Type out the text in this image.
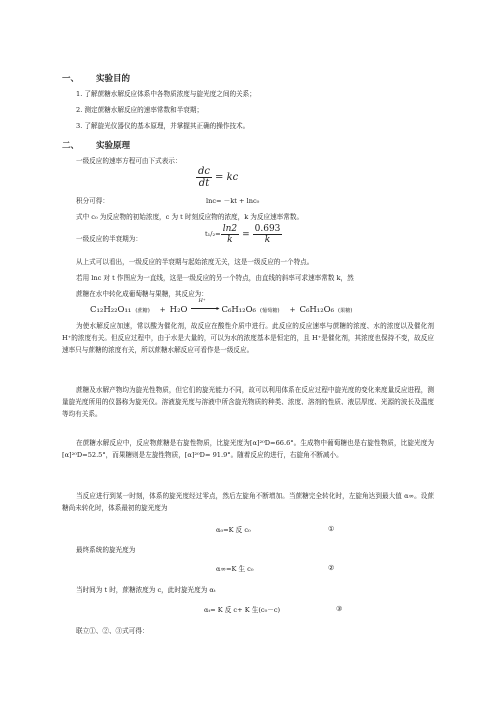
一、 实验目的
1. 了解蔗糖水解反应体系中各物质浓度与旋光度之间的关系；
2. 测定蔗糖水解反应的速率常数和半衰期；
3. 了解旋光仪器仪的基本原理，并掌握其正确的操作技术。
二、 实验原理
一级反应的速率方程可由下式表示：
$\frac{dc}{dt}$ = kc
积分可得：	lnc= －kt + lnc₀
式中 c₀ 为反应物的初始浓度，c 为 t 时刻反应物的浓度，k 为反应速率常数。
一级反应的半衰期为：
$t_1/_2= \frac{\ln 2}{k} = \frac{0.693}{k}$
从上式可以看出，一级反应的半衰期与起始浓度无关，这是一级反应的一个特点。
若用 lnc 对 t 作图应为一直线，这是一级反应的另一个特点，由直线的斜率可求速率常数 k，然
蔗糖在水中转化成葡萄糖与果糖，其反应为：
C₁₂H₂₂O₁₁ (蔗糖) + H₂O
H⁺
▸ C₆H₁₂O₆ (葡萄糖) + C₆H₁₂O₆ (果糖)
为使水解反应加速，常以酸为催化剂，故反应在酸性介质中进行。此反应的反应速率与蔗糖的浓度、水的浓度以及催化剂 H⁺的浓度有关。但反应过程中，由于水是大量的，可以为水的浓度基本是恒定的，且 H⁺是催化剂，其浓度也保持不变，故反应速率只与蔗糖的浓度有关，所以蔗糖水解反应可看作是一级反应。
蔗糖及水解产物均为旋光性物质，但它们的旋光能力不同，故可以利用体系在反应过程中旋光度的变化来度量反应进程，测量旋光度所用的仪器称为旋光仪。溶液旋光度与溶液中所含旋光物质的种类、浓度、溶剂的性质、液层厚度、光源的波长及温度等均有关系。
在蔗糖水解反应中，反应物蔗糖是右旋性物质，比旋光度为[α]²⁰D=66.6°。生成物中葡萄糖也是右旋性物质，比旋光度为[α]²⁰D=52.5°，而果糖则是左旋性物质，[α]²⁰D= 91.9°。随着反应的进行，右旋角不断减小。
当反应进行到某一时刻，体系的旋光度经过零点，然后左旋角不断增加。当蔗糖完全转化时，左旋角达到最大值 α∞。设蔗糖尚未转化时，体系最初的旋光度为
α₀=K 反 c₀	①
最终系统的旋光度为
α∞=K 生 c₀	②
当时间为 t 时，蔗糖浓度为 c，此时旋光度为 αₜ
αₜ= K 反 c+ K 生(c₀－c)	③
联立①、②、③式可得：
